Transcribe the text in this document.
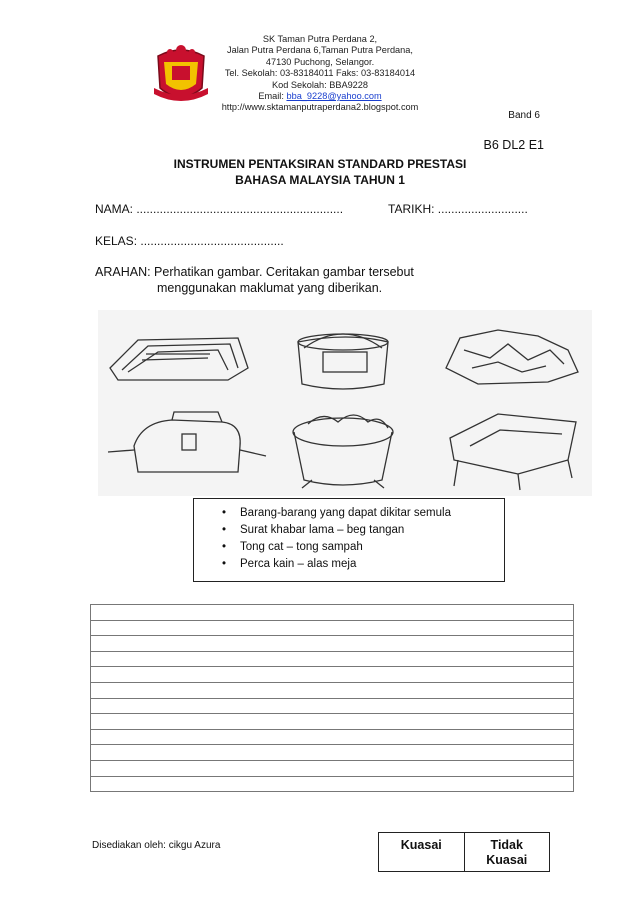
SK Taman Putra Perdana 2,
Jalan Putra Perdana 6,Taman Putra Perdana,
47130 Puchong, Selangor.
Tel. Sekolah: 03-83184011 Faks: 03-83184014
Kod Sekolah: BBA9228
Email: bba_9228@yahoo.com
http://www.sktamanputraperdana2.blogspot.com
Band 6
B6 DL2 E1
INSTRUMEN PENTAKSIRAN STANDARD PRESTASI
BAHASA MALAYSIA TAHUN 1
NAMA: ..............................................................	TARIKH: ...........................
KELAS: ...........................................
ARAHAN: Perhatikan gambar. Ceritakan gambar tersebut
menggunakan maklumat yang diberikan.
• Barang-barang yang dapat dikitar semula
• Surat khabar lama – beg tangan
• Tong cat – tong sampah
• Perca kain – alas meja
Disediakan oleh: cikgu Azura	Kuasai	Tidak
Kuasai
